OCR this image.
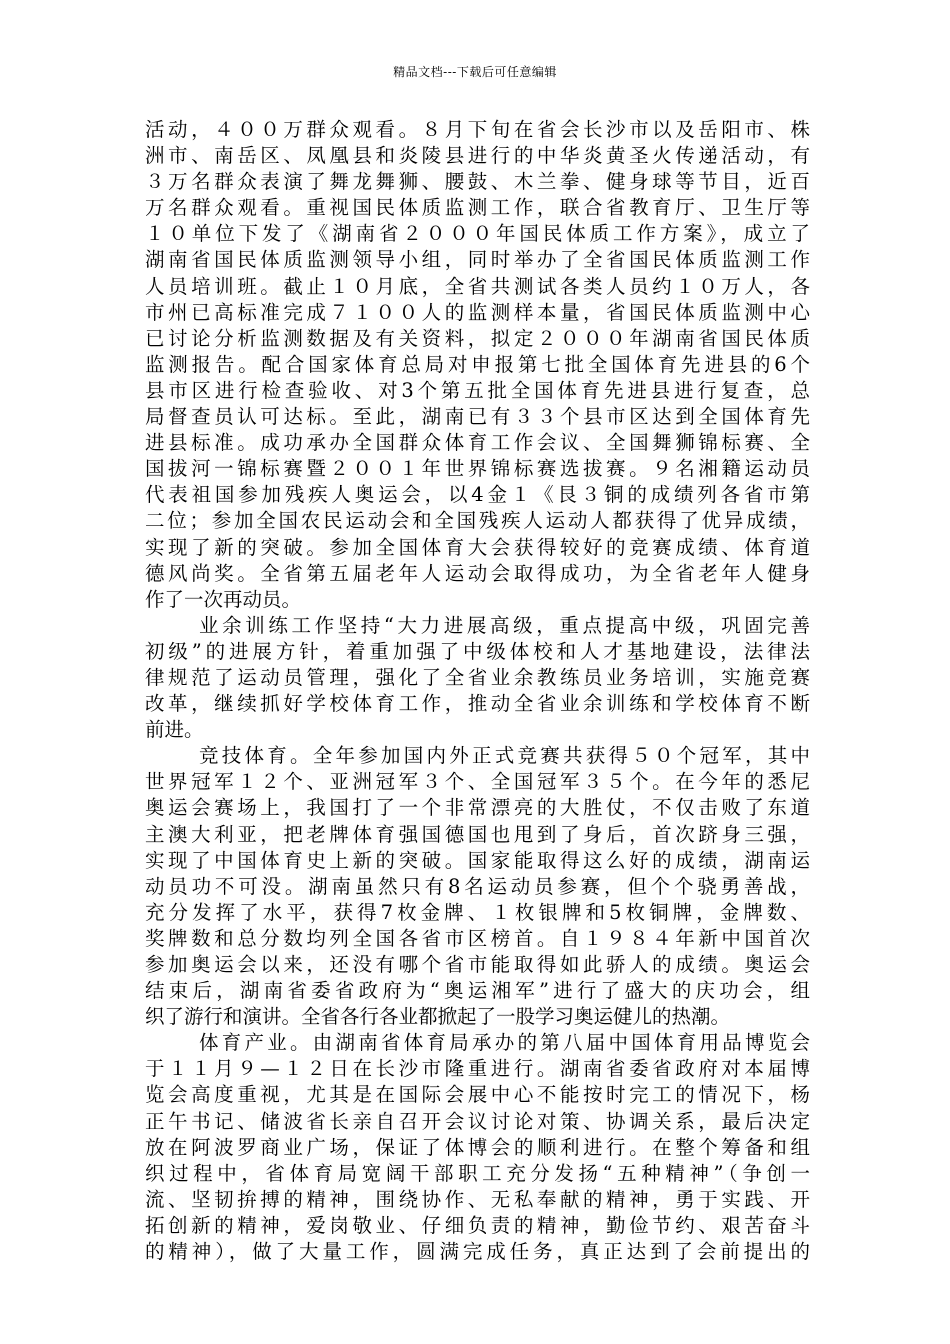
精品文档---下载后可任意编辑
活动，４００万群众观看。８月下旬在省会长沙市以及岳阳市、株
洲市、南岳区、凤凰县和炎陵县进行的中华炎黄圣火传递活动，有
３万名群众表演了舞龙舞狮、腰鼓、木兰拳、健身球等节目，近百
万名群众观看。重视国民体质监测工作，联合省教育厅、卫生厅等
１０单位下发了《湖南省２０００年国民体质工作方案》，成立了
湖南省国民体质监测领导小组，同时举办了全省国民体质监测工作
人员培训班。截止１０月底，全省共测试各类人员约１０万人，各
市州已高标准完成７１００人的监测样本量，省国民体质监测中心
已讨论分析监测数据及有关资料，拟定２０００年湖南省国民体质
监测报告。配合国家体育总局对申报第七批全国体育先进县的6个
县市区进行检查验收、对3个第五批全国体育先进县进行复查，总
局督查员认可达标。至此，湖南已有３３个县市区达到全国体育先
进县标准。成功承办全国群众体育工作会议、全国舞狮锦标赛、全
国拔河一锦标赛暨２００１年世界锦标赛选拔赛。９名湘籍运动员
代表祖国参加残疾人奥运会，以4金１《艮３铜的成绩列各省市第
二位；参加全国农民运动会和全国残疾人运动人都获得了优异成绩，
实现了新的突破。参加全国体育大会获得较好的竞赛成绩、体育道
德风尚奖。全省第五届老年人运动会取得成功，为全省老年人健身
作了一次再动员。
业余训练工作坚持“大力进展高级，重点提高中级，巩固完善
初级”的进展方针，着重加强了中级体校和人才基地建设，法律法
律规范了运动员管理，强化了全省业余教练员业务培训，实施竞赛
改革，继续抓好学校体育工作，推动全省业余训练和学校体育不断
前进。
竞技体育。全年参加国内外正式竞赛共获得５０个冠军，其中
世界冠军１２个、亚洲冠军３个、全国冠军３５个。在今年的悉尼
奥运会赛场上，我国打了一个非常漂亮的大胜仗，不仅击败了东道
主澳大利亚，把老牌体育强国德国也甩到了身后，首次跻身三强，
实现了中国体育史上新的突破。国家能取得这么好的成绩，湖南运
动员功不可没。湖南虽然只有8名运动员参赛，但个个骁勇善战，
充分发挥了水平，获得7枚金牌、１枚银牌和5枚铜牌，金牌数、
奖牌数和总分数均列全国各省市区榜首。自１９８４年新中国首次
参加奥运会以来，还没有哪个省市能取得如此骄人的成绩。奥运会
结束后，湖南省委省政府为“奥运湘军”进行了盛大的庆功会，组
织了游行和演讲。全省各行各业都掀起了一股学习奥运健儿的热潮。
体育产业。由湖南省体育局承办的第八届中国体育用品博览会
于１１月９—１２日在长沙市隆重进行。湖南省委省政府对本届博
览会高度重视，尤其是在国际会展中心不能按时完工的情况下，杨
正午书记、储波省长亲自召开会议讨论对策、协调关系，最后决定
放在阿波罗商业广场，保证了体博会的顺利进行。在整个筹备和组
织过程中，省体育局宽阔干部职工充分发扬“五种精神”（争创一
流、坚韧拚搏的精神，围绕协作、无私奉献的精神，勇于实践、开
拓创新的精神，爱岗敬业、仔细负责的精神，勤俭节约、艰苦奋斗
的精神），做了大量工作，圆满完成任务，真正达到了会前提出的
